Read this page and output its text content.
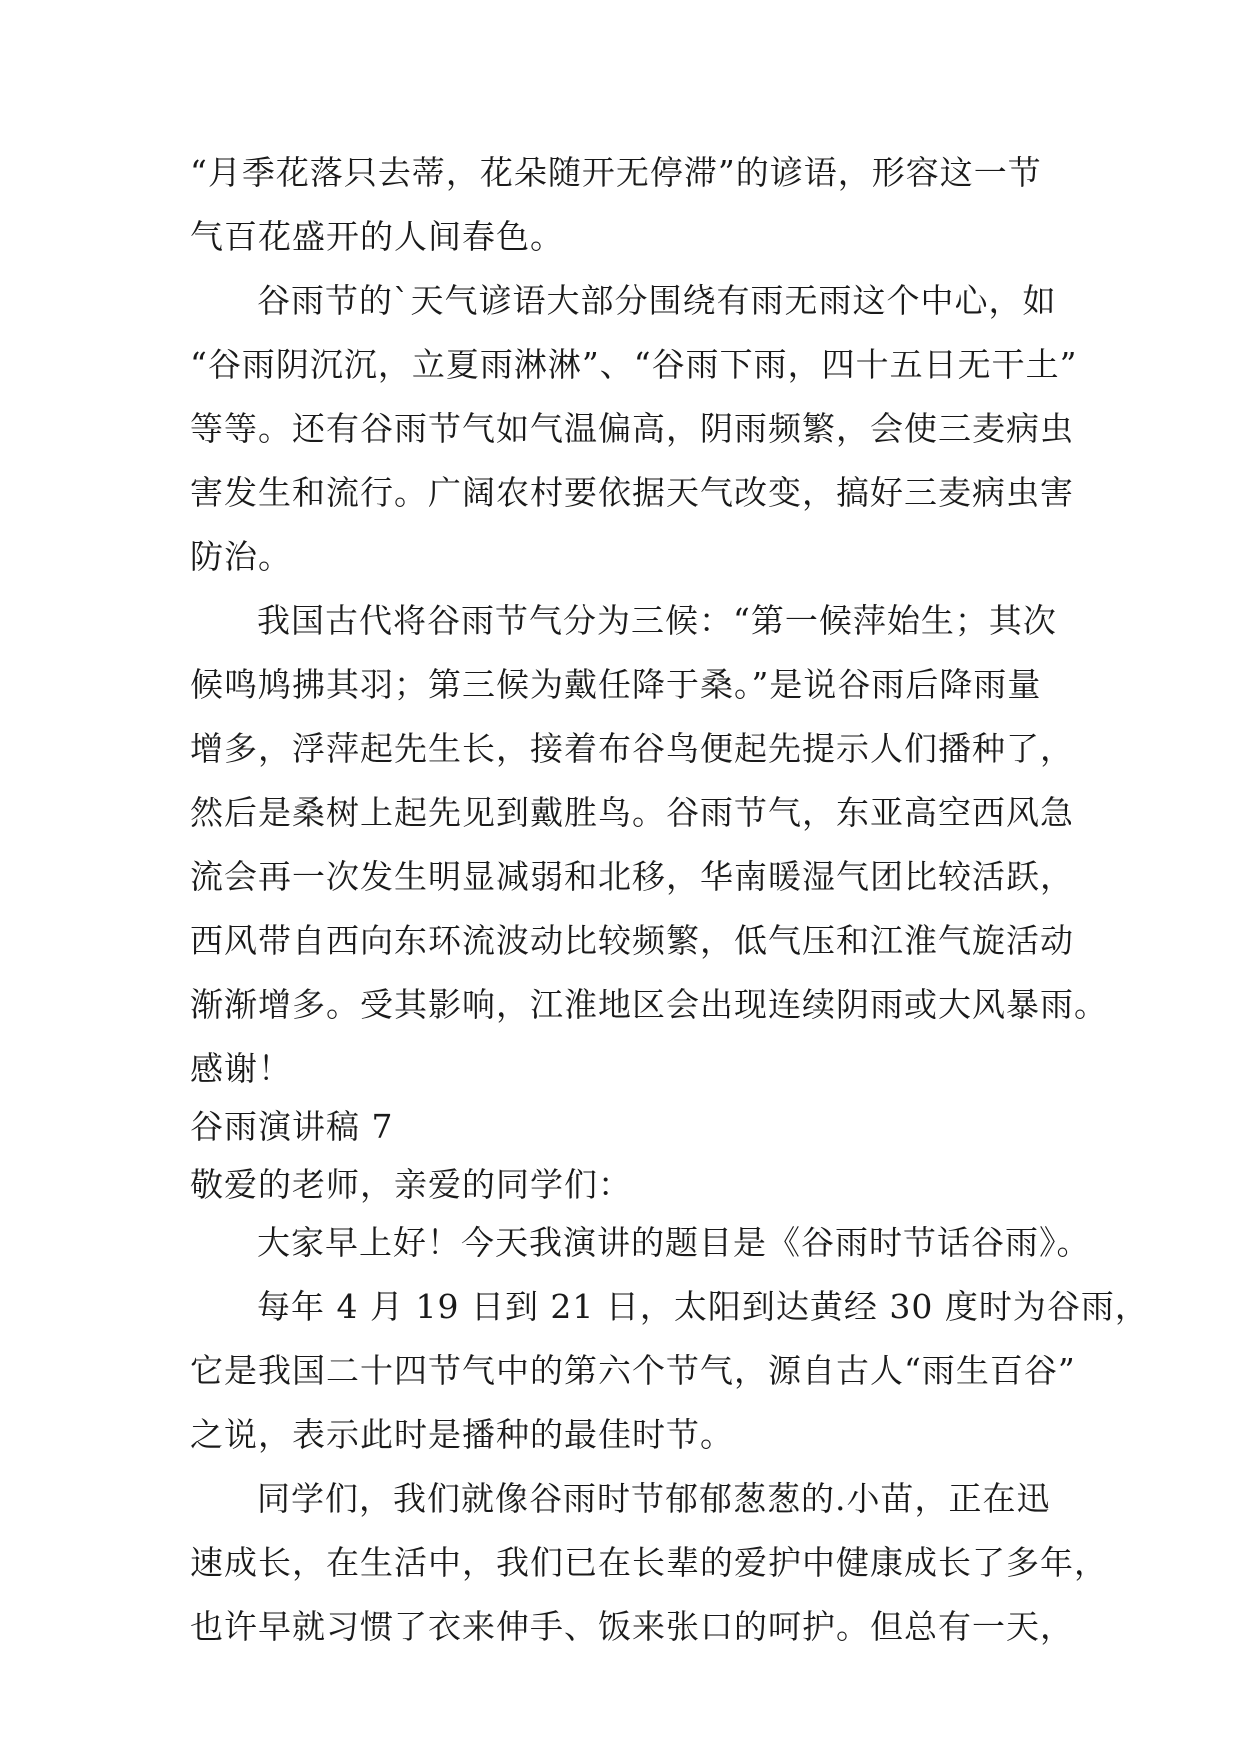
“月季花落只去蒂，花朵随开无停滞”的谚语，形容这一节
气百花盛开的人间春色。
谷雨节的`天气谚语大部分围绕有雨无雨这个中心，如
“谷雨阴沉沉，立夏雨淋淋”、“谷雨下雨，四十五日无干土”
等等。还有谷雨节气如气温偏高，阴雨频繁，会使三麦病虫
害发生和流行。广阔农村要依据天气改变，搞好三麦病虫害
防治。
我国古代将谷雨节气分为三候：“第一候萍始生；其次
候鸣鸠拂其羽；第三候为戴任降于桑。”是说谷雨后降雨量
增多，浮萍起先生长，接着布谷鸟便起先提示人们播种了，
然后是桑树上起先见到戴胜鸟。谷雨节气，东亚高空西风急
流会再一次发生明显减弱和北移，华南暖湿气团比较活跃，
西风带自西向东环流波动比较频繁，低气压和江淮气旋活动
渐渐增多。受其影响，江淮地区会出现连续阴雨或大风暴雨。
感谢！
谷雨演讲稿 7
敬爱的老师，亲爱的同学们：
大家早上好！今天我演讲的题目是《谷雨时节话谷雨》。
每年 4 月 19 日到 21 日，太阳到达黄经 30 度时为谷雨，
它是我国二十四节气中的第六个节气，源自古人“雨生百谷”
之说，表示此时是播种的最佳时节。
同学们，我们就像谷雨时节郁郁葱葱的.小苗，正在迅
速成长，在生活中，我们已在长辈的爱护中健康成长了多年，
也许早就习惯了衣来伸手、饭来张口的呵护。但总有一天，
